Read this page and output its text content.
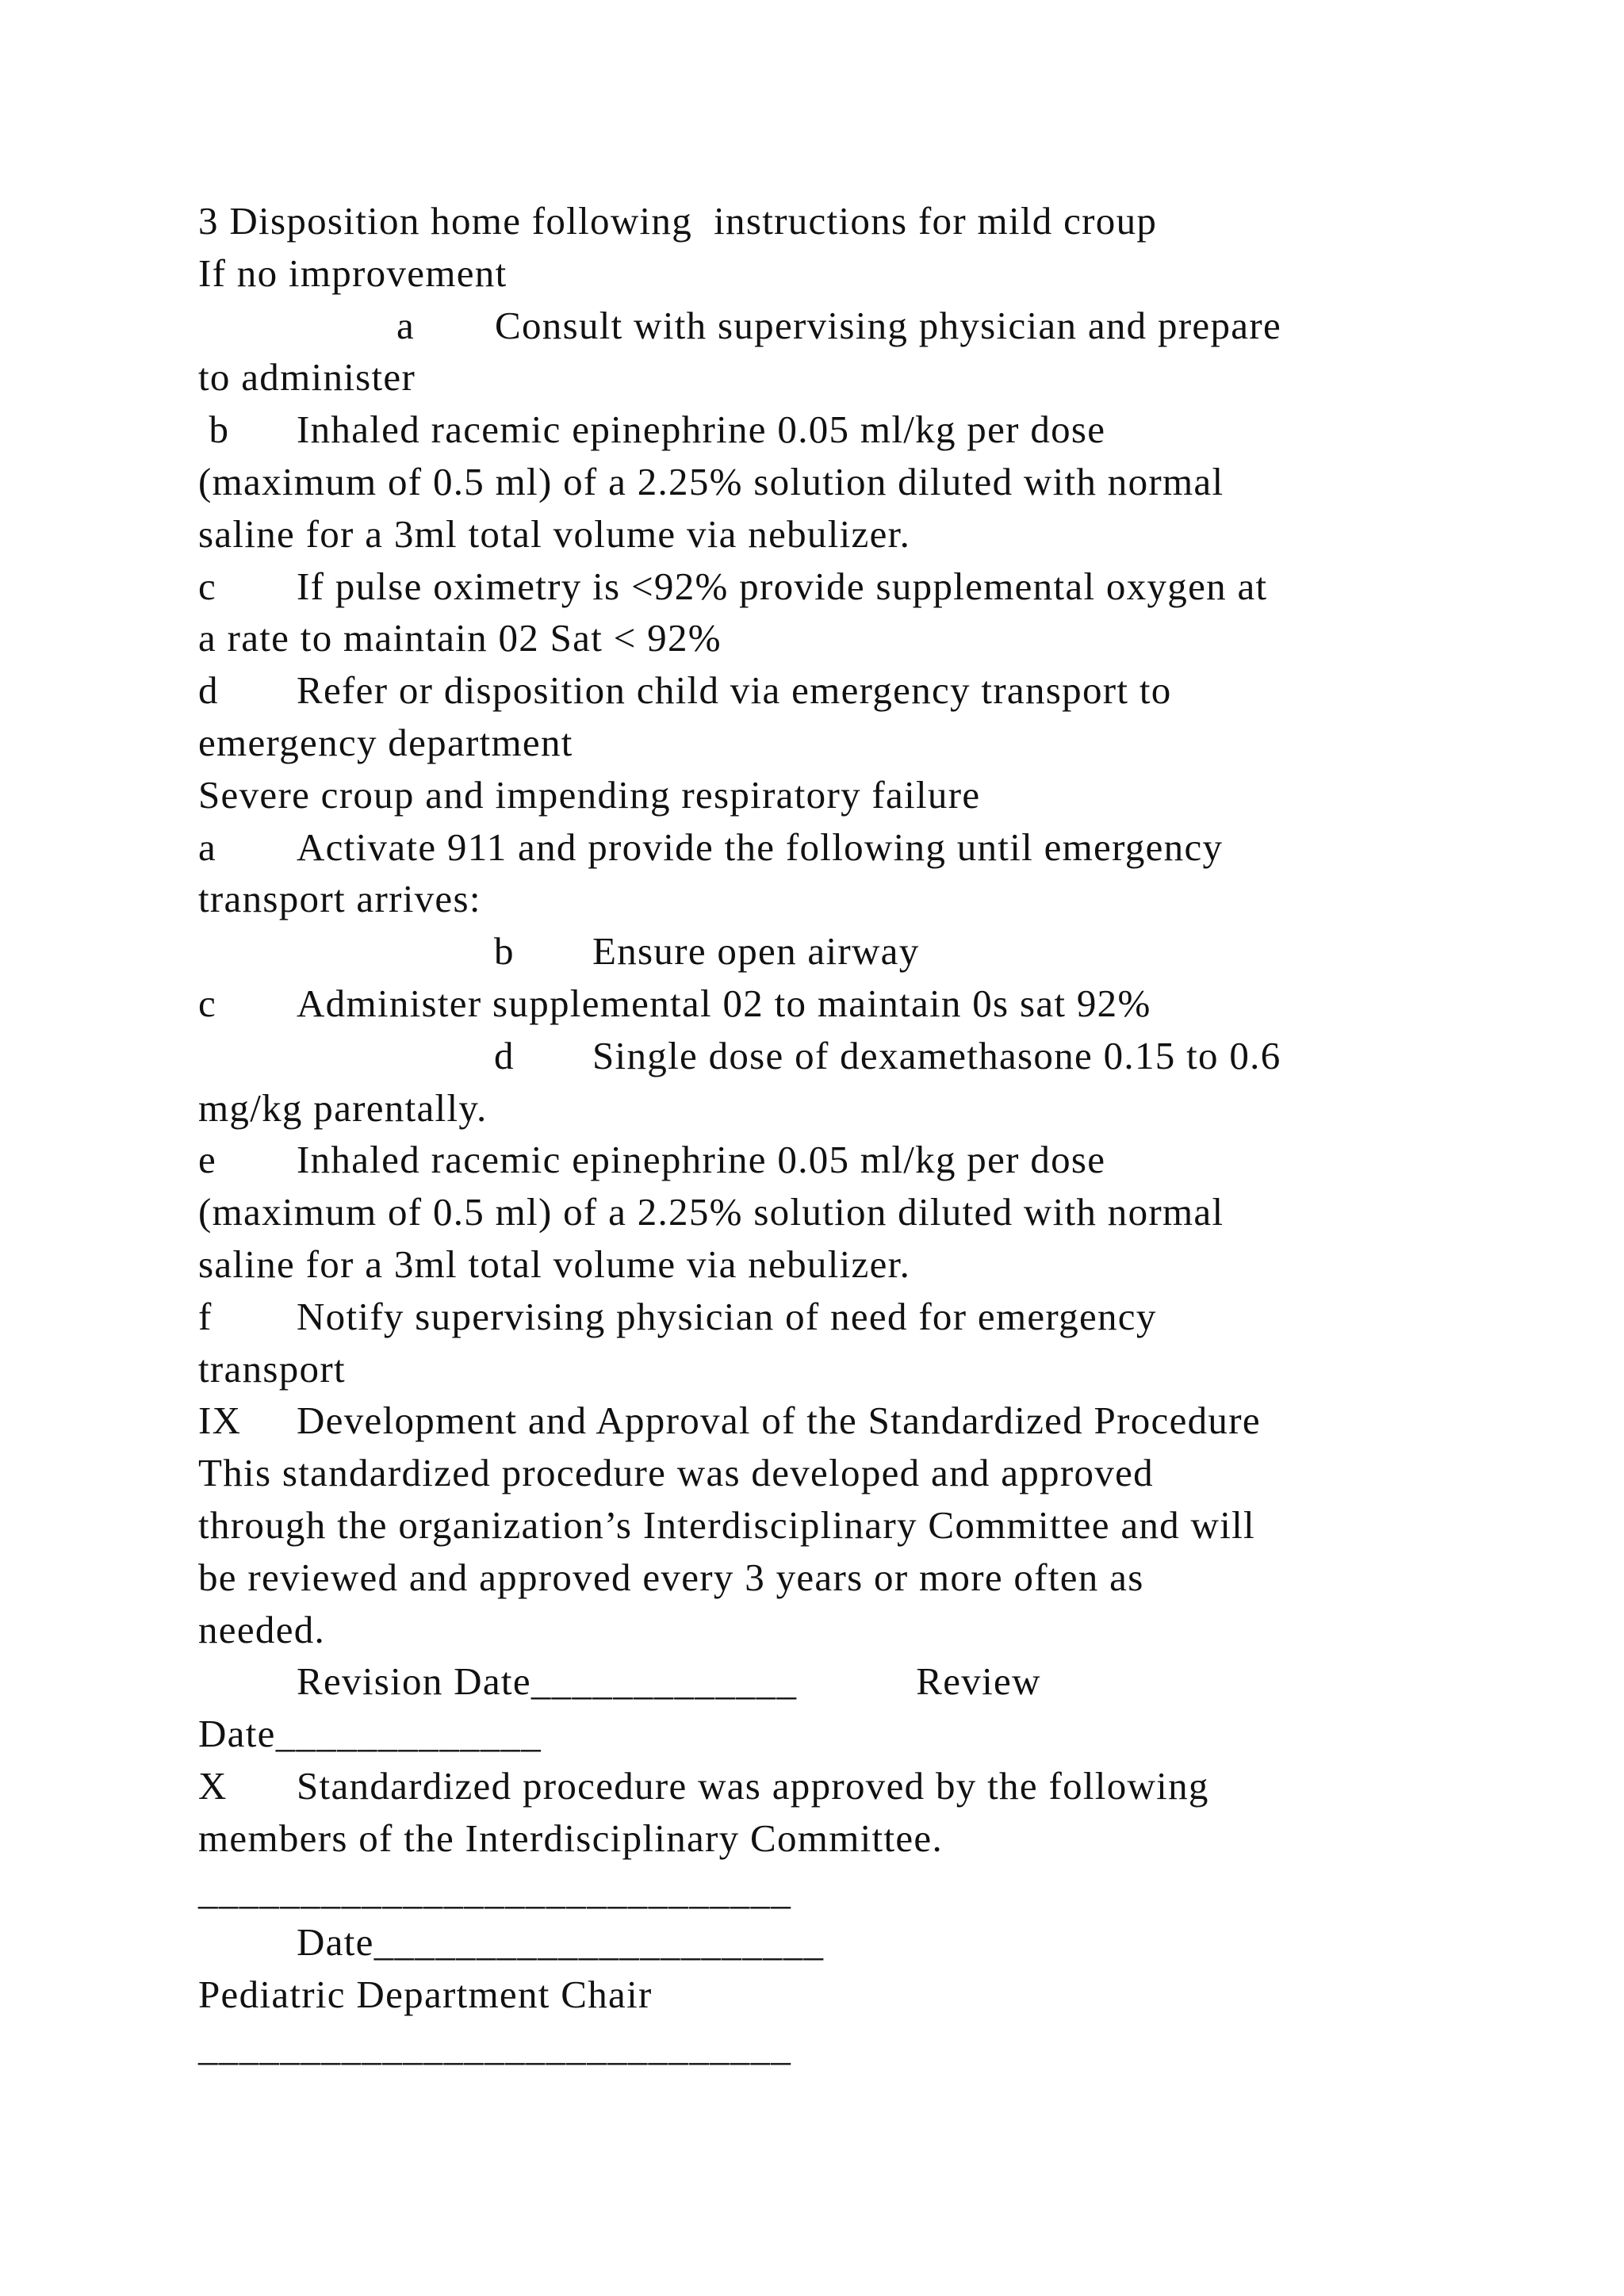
3 Disposition home following  instructions for mild croup
If no improvement
a Consult with supervising physician and prepare
to administer
b Inhaled racemic epinephrine 0.05 ml/kg per dose
(maximum of 0.5 ml) of a 2.25% solution diluted with normal
saline for a 3ml total volume via nebulizer.
c If pulse oximetry is <92% provide supplemental oxygen at
a rate to maintain 02 Sat < 92%
d Refer or disposition child via emergency transport to
emergency department
Severe croup and impending respiratory failure
a Activate 911 and provide the following until emergency
transport arrives:
b Ensure open airway
c Administer supplemental 02 to maintain 0s sat 92%
d Single dose of dexamethasone 0.15 to 0.6
mg/kg parentally.
e Inhaled racemic epinephrine 0.05 ml/kg per dose
(maximum of 0.5 ml) of a 2.25% solution diluted with normal
saline for a 3ml total volume via nebulizer.
f Notify supervising physician of need for emergency
transport
IX Development and Approval of the Standardized Procedure
This standardized procedure was developed and approved
through the organization’s Interdisciplinary Committee and will
be reviewed and approved every 3 years or more often as
needed.
Revision Date_____________	Review
Date_____________
X Standardized procedure was approved by the following
members of the Interdisciplinary Committee.
_____________________________
Date______________________
Pediatric Department Chair
_____________________________
